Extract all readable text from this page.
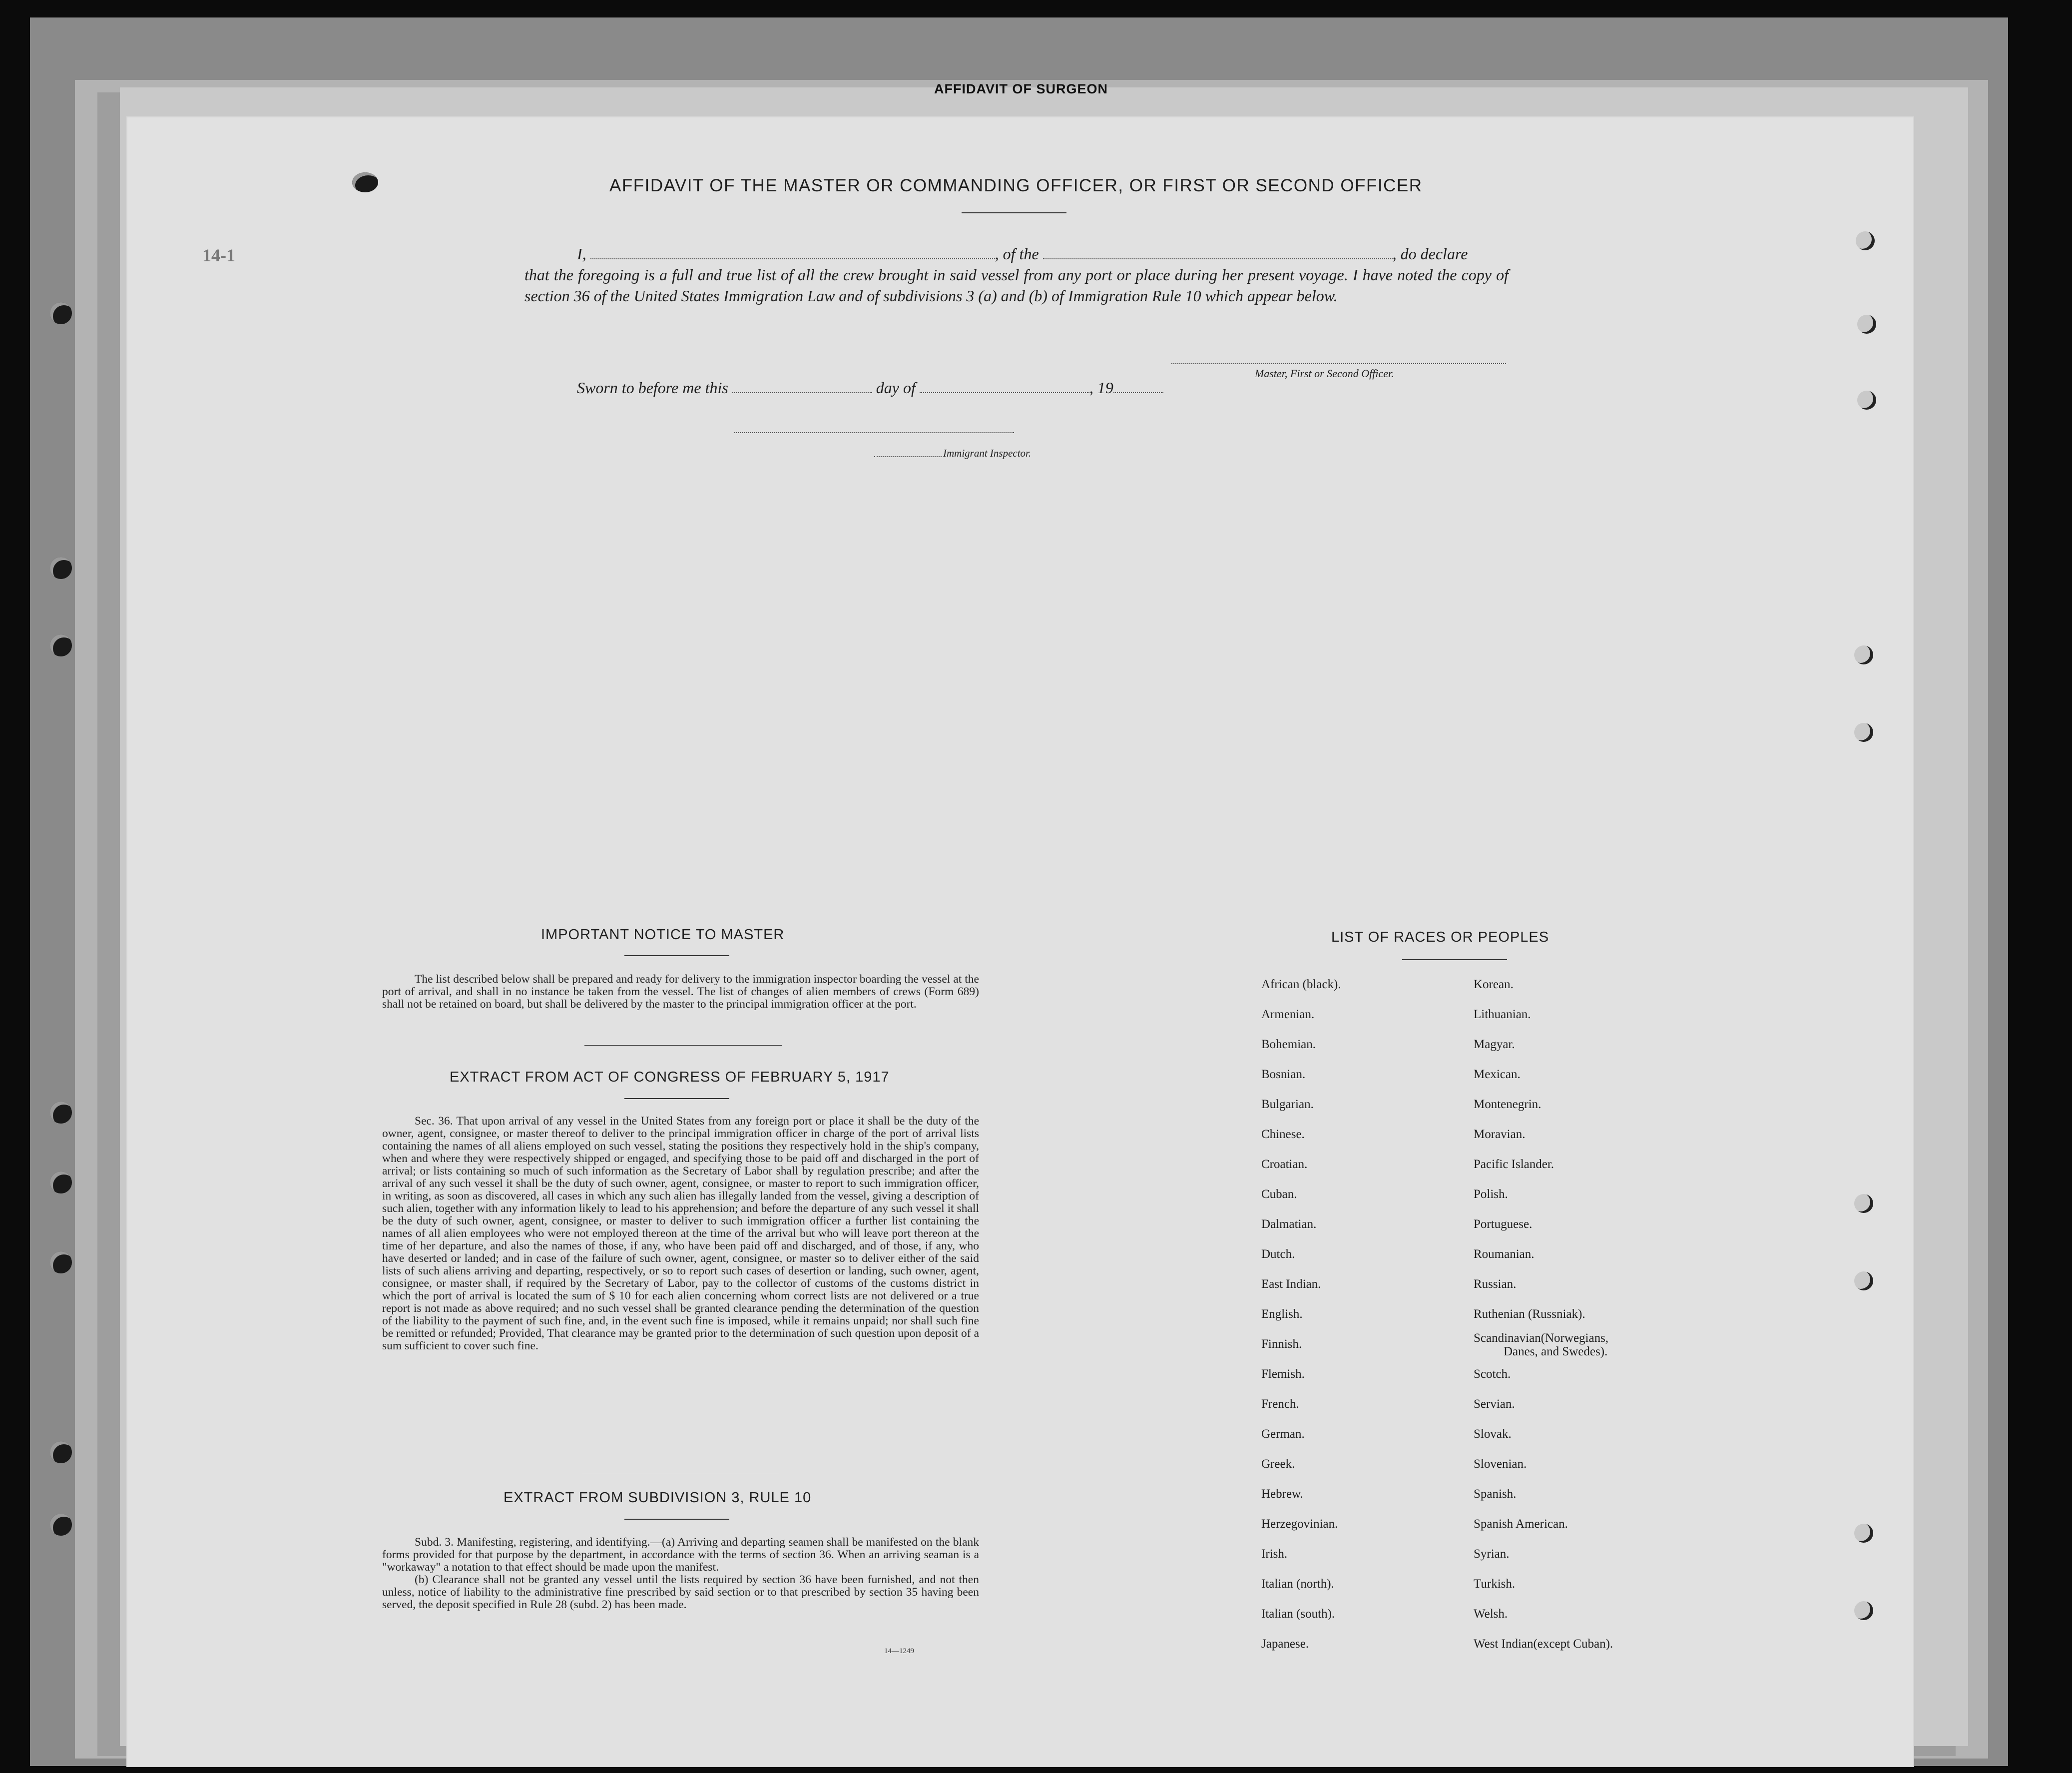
AFFIDAVIT OF SURGEON
14-1
AFFIDAVIT OF THE MASTER OR COMMANDING OFFICER, OR FIRST OR SECOND OFFICER
I,	, of the	, do declare
that the foregoing is a full and true list of all the crew brought in said vessel from any port or place during her present voyage. I have noted the copy of section 36 of the United States Immigration Law and of subdivisions 3 (a) and (b) of Immigration Rule 10 which appear below.
Master, First or Second Officer.
Sworn to before me this	day of	, 19
Immigrant Inspector.
IMPORTANT NOTICE TO MASTER
The list described below shall be prepared and ready for delivery to the immigration inspector boarding the vessel at the port of arrival, and shall in no instance be taken from the vessel. The list of changes of alien members of crews (Form 689) shall not be retained on board, but shall be delivered by the master to the principal immigration officer at the port.
EXTRACT FROM ACT OF CONGRESS OF FEBRUARY 5, 1917
Sec. 36. That upon arrival of any vessel in the United States from any foreign port or place it shall be the duty of the owner, agent, consignee, or master thereof to deliver to the principal immigration officer in charge of the port of arrival lists containing the names of all aliens employed on such vessel, stating the positions they respectively hold in the ship's company, when and where they were respectively shipped or engaged, and specifying those to be paid off and discharged in the port of arrival; or lists containing so much of such information as the Secretary of Labor shall by regulation prescribe; and after the arrival of any such vessel it shall be the duty of such owner, agent, consignee, or master to report to such immigration officer, in writing, as soon as discovered, all cases in which any such alien has illegally landed from the vessel, giving a description of such alien, together with any information likely to lead to his apprehension; and before the departure of any such vessel it shall be the duty of such owner, agent, consignee, or master to deliver to such immigration officer a further list containing the names of all alien employees who were not employed thereon at the time of the arrival but who will leave port thereon at the time of her departure, and also the names of those, if any, who have been paid off and discharged, and of those, if any, who have deserted or landed; and in case of the failure of such owner, agent, consignee, or master so to deliver either of the said lists of such aliens arriving and departing, respectively, or so to report such cases of desertion or landing, such owner, agent, consignee, or master shall, if required by the Secretary of Labor, pay to the collector of customs of the customs district in which the port of arrival is located the sum of $ 10 for each alien concerning whom correct lists are not delivered or a true report is not made as above required; and no such vessel shall be granted clearance pending the determination of the question of the liability to the payment of such fine, and, in the event such fine is imposed, while it remains unpaid; nor shall such fine be remitted or refunded; Provided, That clearance may be granted prior to the determination of such question upon deposit of a sum sufficient to cover such fine.
EXTRACT FROM SUBDIVISION 3, RULE 10
Subd. 3. Manifesting, registering, and identifying.—(a) Arriving and departing seamen shall be manifested on the blank forms provided for that purpose by the department, in accordance with the terms of section 36. When an arriving seaman is a "workaway" a notation to that effect should be made upon the manifest.
(b) Clearance shall not be granted any vessel until the lists required by section 36 have been furnished, and not then unless, notice of liability to the administrative fine prescribed by said section or to that prescribed by section 35 having been served, the deposit specified in Rule 28 (subd. 2) has been made.
14—1249
LIST OF RACES OR PEOPLES
African (black).
Armenian.
Bohemian.
Bosnian.
Bulgarian.
Chinese.
Croatian.
Cuban.
Dalmatian.
Dutch.
East Indian.
English.
Finnish.
Flemish.
French.
German.
Greek.
Hebrew.
Herzegovinian.
Irish.
Italian (north).
Italian (south).
Japanese.
Korean.
Lithuanian.
Magyar.
Mexican.
Montenegrin.
Moravian.
Pacific Islander.
Polish.
Portuguese.
Roumanian.
Russian.
Ruthenian (Russniak).
Scandinavian(Norwegians,
Danes, and Swedes).
Scotch.
Servian.
Slovak.
Slovenian.
Spanish.
Spanish American.
Syrian.
Turkish.
Welsh.
West Indian(except Cuban).
